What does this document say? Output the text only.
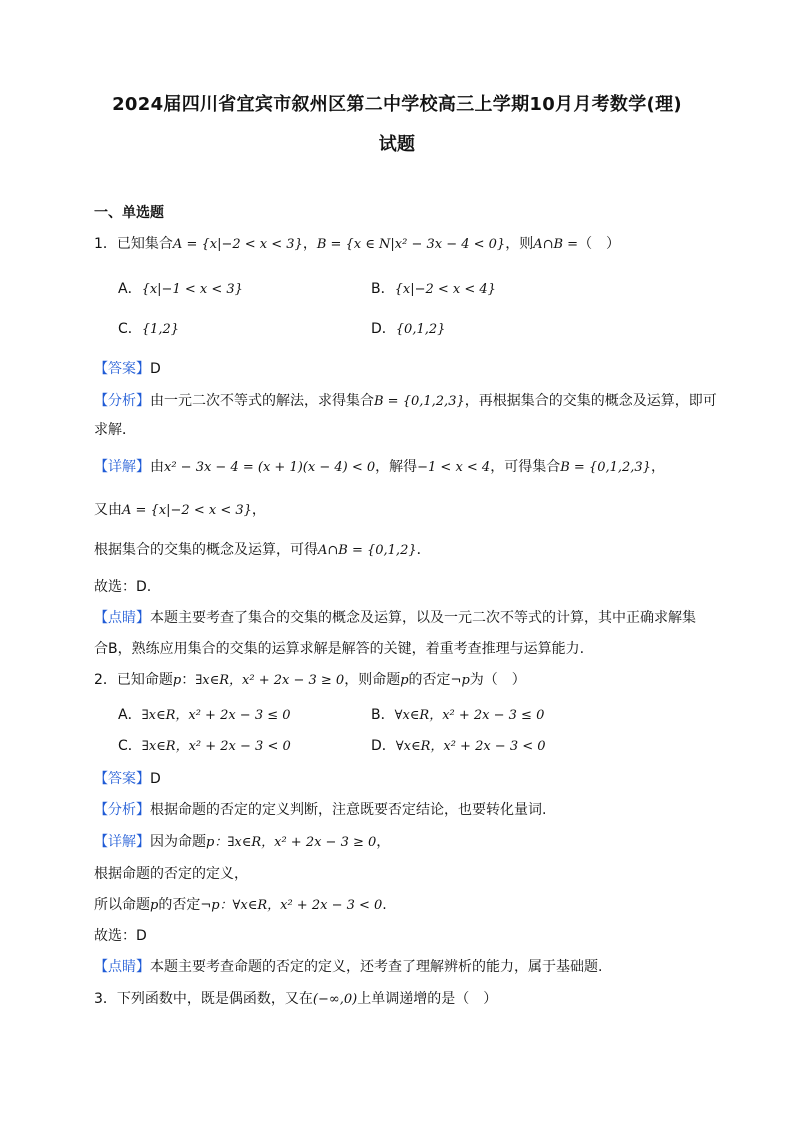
2024届四川省宜宾市叙州区第二中学校高三上学期10月月考数学(理)
试题
一、单选题
1．已知集合A = {x|−2 < x < 3}，B = {x ∈ N|x² − 3x − 4 < 0}，则A∩B =（　）
A．{x|−1 < x < 3}	B．{x|−2 < x < 4}
C．{1,2}	D．{0,1,2}
【答案】D
【分析】由一元二次不等式的解法，求得集合B = {0,1,2,3}，再根据集合的交集的概念及运算，即可
求解．
【详解】由x² − 3x − 4 = (x + 1)(x − 4) < 0，解得−1 < x < 4，可得集合B = {0,1,2,3}，
又由A = {x|−2 < x < 3}，
根据集合的交集的概念及运算，可得A∩B = {0,1,2}．
故选：D.
【点睛】本题主要考查了集合的交集的概念及运算，以及一元二次不等式的计算，其中正确求解集
合B，熟练应用集合的交集的运算求解是解答的关键，着重考查推理与运算能力.
2．已知命题p：∃x∈R，x² + 2x − 3 ≥ 0，则命题p的否定¬p为（　）
A．∃x∈R，x² + 2x − 3 ≤ 0	B．∀x∈R，x² + 2x − 3 ≤ 0
C．∃x∈R，x² + 2x − 3 < 0	D．∀x∈R，x² + 2x − 3 < 0
【答案】D
【分析】根据命题的否定的定义判断，注意既要否定结论，也要转化量词.
【详解】因为命题p：∃x∈R，x² + 2x − 3 ≥ 0，
根据命题的否定的定义，
所以命题p的否定¬p：∀x∈R，x² + 2x − 3 < 0.
故选：D
【点睛】本题主要考查命题的否定的定义，还考查了理解辨析的能力，属于基础题.
3．下列函数中，既是偶函数，又在(−∞,0)上单调递增的是（　）
